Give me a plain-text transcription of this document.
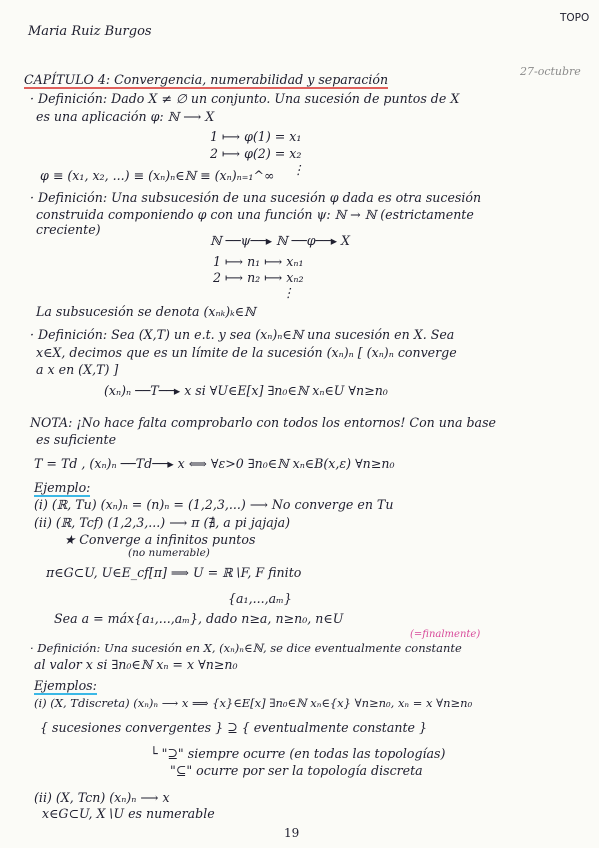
Maria Ruiz Burgos
TOPO
27-octubre
CAPÍTULO 4: Convergencia, numerabilidad y separación
· Definición: Dado X ≠ ∅ un conjunto. Una sucesión de puntos de X
es una aplicación φ: ℕ ⟶ X
1 ⟼ φ(1) = x₁
2 ⟼ φ(2) = x₂
⋮
φ ≡ (x₁, x₂, ...) ≡ (xₙ)ₙ∈ℕ ≡ (xₙ)ₙ₌₁^∞
· Definición: Una subsucesión de una sucesión φ dada es otra sucesión
construida componiendo φ con una función ψ: ℕ → ℕ (estrictamente
creciente)
ℕ ──ψ──▸ ℕ ──φ──▸ X
1 ⟼ n₁ ⟼ xₙ₁
2 ⟼ n₂ ⟼ xₙ₂
⋮
La subsucesión se denota (xₙₖ)ₖ∈ℕ
· Definición: Sea (X,T) un e.t. y sea (xₙ)ₙ∈ℕ una sucesión en X. Sea
x∈X, decimos que es un límite de la sucesión (xₙ)ₙ [ (xₙ)ₙ converge
a x en (X,T) ]
(xₙ)ₙ ──T──▸ x si ∀U∈E[x] ∃n₀∈ℕ xₙ∈U ∀n≥n₀
NOTA: ¡No hace falta comprobarlo con todos los entornos! Con una base
es suficiente
T = Td , (xₙ)ₙ ──Td──▸ x ⟺ ∀ε>0 ∃n₀∈ℕ xₙ∈B(x,ε) ∀n≥n₀
Ejemplo:
(i) (ℝ, Tu) (xₙ)ₙ = (n)ₙ = (1,2,3,...) ⟶ No converge en Tu
(ii) (ℝ, Tcf) (1,2,3,...) ⟶ π (∄, a pi jajaja)
★ Converge a infinitos puntos
(no numerable)
π∈G⊂U, U∈E_cf[π] ⟹ U = ℝ∖F, F finito
{a₁,...,aₘ}
Sea a = máx{a₁,...,aₘ}, dado n≥a, n≥n₀, n∈U
(=finalmente)
· Definición: Una sucesión en X, (xₙ)ₙ∈ℕ, se dice eventualmente constante
al valor x si ∃n₀∈ℕ xₙ = x ∀n≥n₀
Ejemplos:
(i) (X, Tdiscreta) (xₙ)ₙ ⟶ x ⟹ {x}∈E[x] ∃n₀∈ℕ xₙ∈{x} ∀n≥n₀, xₙ = x ∀n≥n₀
{ sucesiones convergentes } ⊇ { eventualmente constante }
└ "⊇" siempre ocurre (en todas las topologías)
"⊆" ocurre por ser la topología discreta
(ii) (X, Tcn) (xₙ)ₙ ⟶ x
x∈G⊂U, X∖U es numerable
19
